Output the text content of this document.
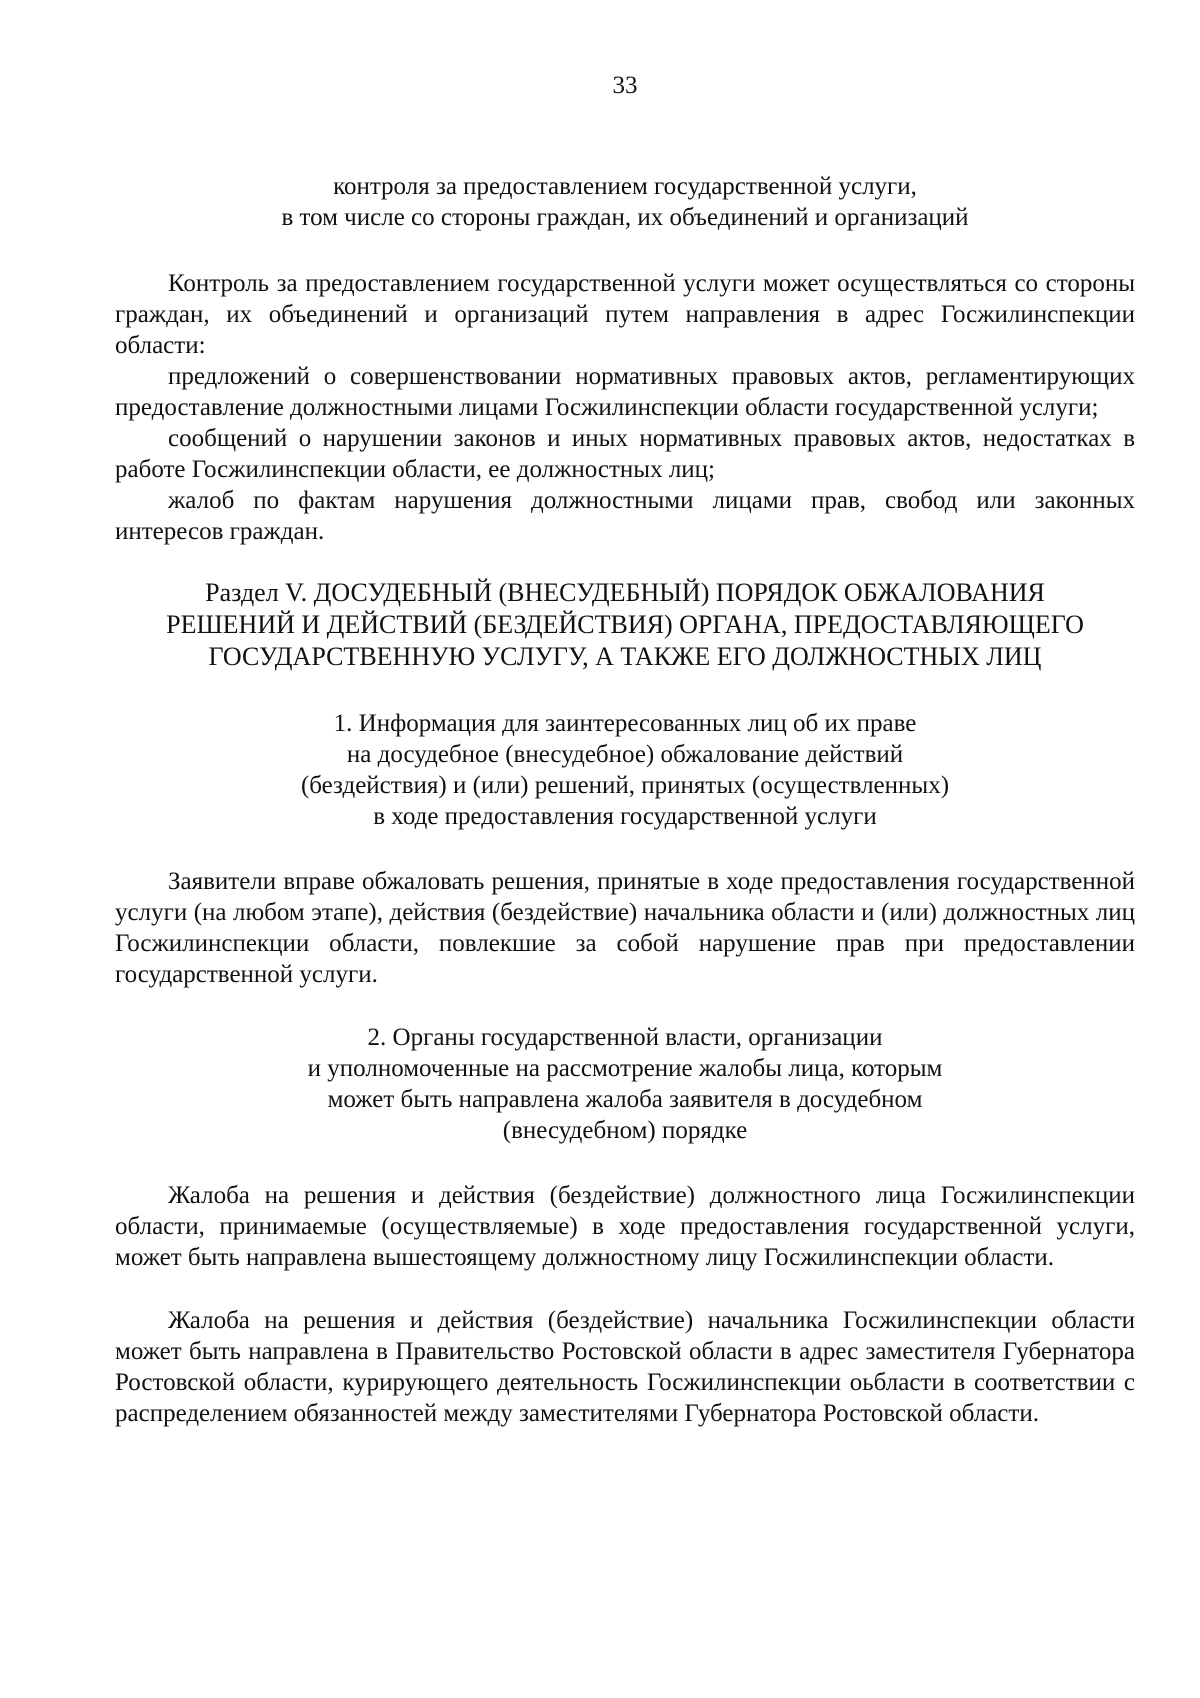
33
контроля за предоставлением государственной услуги,
в том числе со стороны граждан, их объединений и организаций

Контроль за предоставлением государственной услуги может осуществляться со стороны граждан, их объединений и организаций путем направления в адрес Госжилинспекции области:

предложений о совершенствовании нормативных правовых актов, регламентирующих предоставление должностными лицами Госжилинспекции области государственной услуги;

сообщений о нарушении законов и иных нормативных правовых актов, недостатках в работе Госжилинспекции области, ее должностных лиц;

жалоб по фактам нарушения должностными лицами прав, свобод или законных интересов граждан.

Раздел V. ДОСУДЕБНЫЙ (ВНЕСУДЕБНЫЙ) ПОРЯДОК ОБЖАЛОВАНИЯ
РЕШЕНИЙ И ДЕЙСТВИЙ (БЕЗДЕЙСТВИЯ) ОРГАНА, ПРЕДОСТАВЛЯЮЩЕГО
ГОСУДАРСТВЕННУЮ УСЛУГУ, А ТАКЖЕ ЕГО ДОЛЖНОСТНЫХ ЛИЦ
1. Информация для заинтересованных лиц об их праве
на досудебное (внесудебное) обжалование действий
(бездействия) и (или) решений, принятых (осуществленных)
в ходе предоставления государственной услуги

Заявители вправе обжаловать решения, принятые в ходе предоставления государственной услуги (на любом этапе), действия (бездействие) начальника области и (или) должностных лиц Госжилинспекции области, повлекшие за собой нарушение прав при предоставлении государственной услуги.

2. Органы государственной власти, организации
и уполномоченные на рассмотрение жалобы лица, которым
может быть направлена жалоба заявителя в досудебном
(внесудебном) порядке

Жалоба на решения и действия (бездействие) должностного лица Госжилинспекции области, принимаемые (осуществляемые) в ходе предоставления государственной услуги, может быть направлена вышестоящему должностному лицу Госжилинспекции области.

Жалоба на решения и действия (бездействие) начальника Госжилинспекции области может быть направлена в Правительство Ростовской области в адрес заместителя Губернатора Ростовской области, курирующего деятельность Госжилинспекции оьбласти в соответствии с распределением обязанностей между заместителями Губернатора Ростовской области.
